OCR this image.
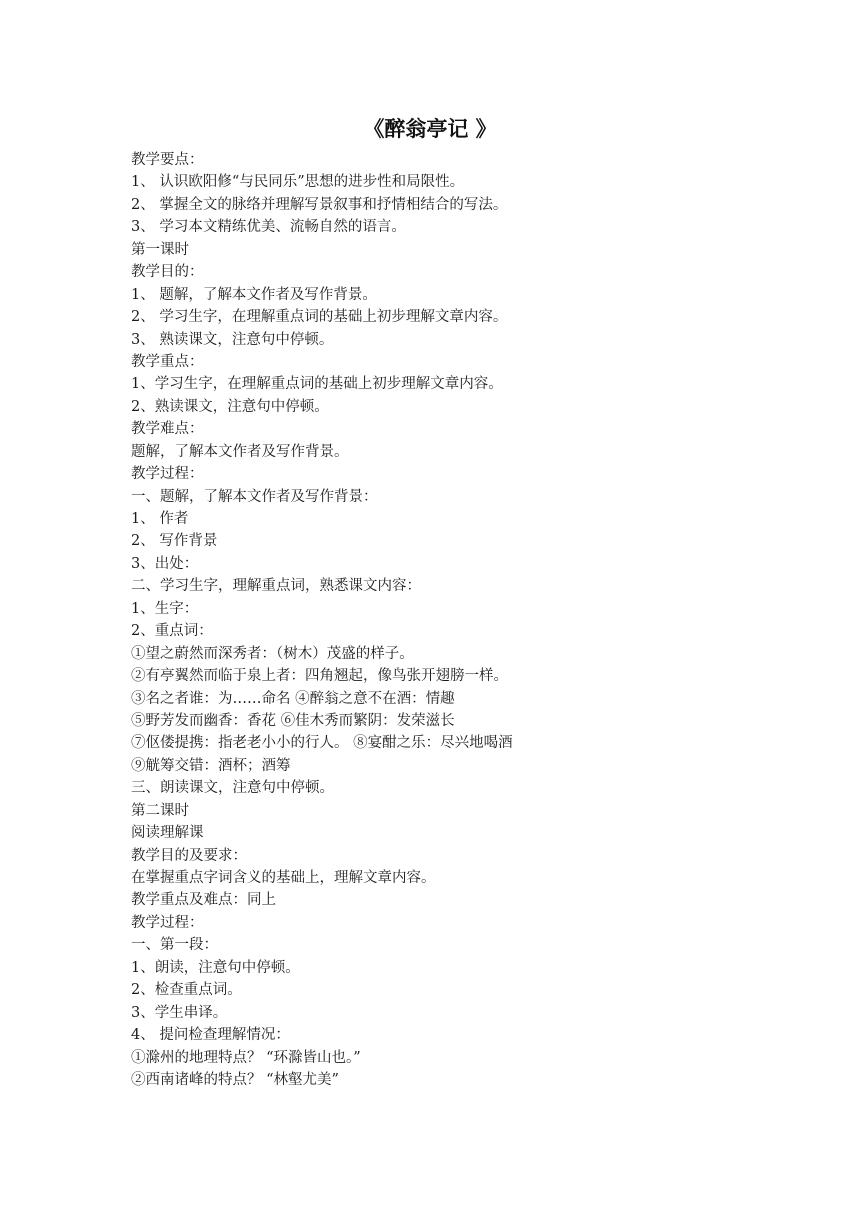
《醉翁亭记 》

教学要点：

1、 认识欧阳修“与民同乐”思想的进步性和局限性。

2、 掌握全文的脉络并理解写景叙事和抒情相结合的写法。

3、 学习本文精练优美、流畅自然的语言。

第一课时

教学目的：

1、 题解，了解本文作者及写作背景。

2、 学习生字，在理解重点词的基础上初步理解文章内容。

3、 熟读课文，注意句中停顿。

教学重点：

1、学习生字，在理解重点词的基础上初步理解文章内容。

2、熟读课文，注意句中停顿。

教学难点：

题解，了解本文作者及写作背景。

教学过程：

一、题解，了解本文作者及写作背景：

1、 作者

2、 写作背景

3、出处：

二、学习生字，理解重点词，熟悉课文内容：

1、生字：

2、重点词：

①望之蔚然而深秀者：（树木）茂盛的样子。

②有亭翼然而临于泉上者：四角翘起，像鸟张开翅膀一样。

③名之者谁：为……命名 ④醉翁之意不在酒：情趣

⑤野芳发而幽香：香花 ⑥佳木秀而繁阴：发荣滋长

⑦伛偻提携：指老老小小的行人。 ⑧宴酣之乐：尽兴地喝酒

⑨觥筹交错：酒杯；酒筹

三、朗读课文，注意句中停顿。

第二课时

阅读理解课

教学目的及要求：

在掌握重点字词含义的基础上，理解文章内容。

教学重点及难点：同上

教学过程：

一、第一段：

1、朗读，注意句中停顿。

2、检查重点词。

3、学生串译。

4、 提问检查理解情况：

①滁州的地理特点？ “环滁皆山也。”

②西南诸峰的特点？ “林壑尤美”
